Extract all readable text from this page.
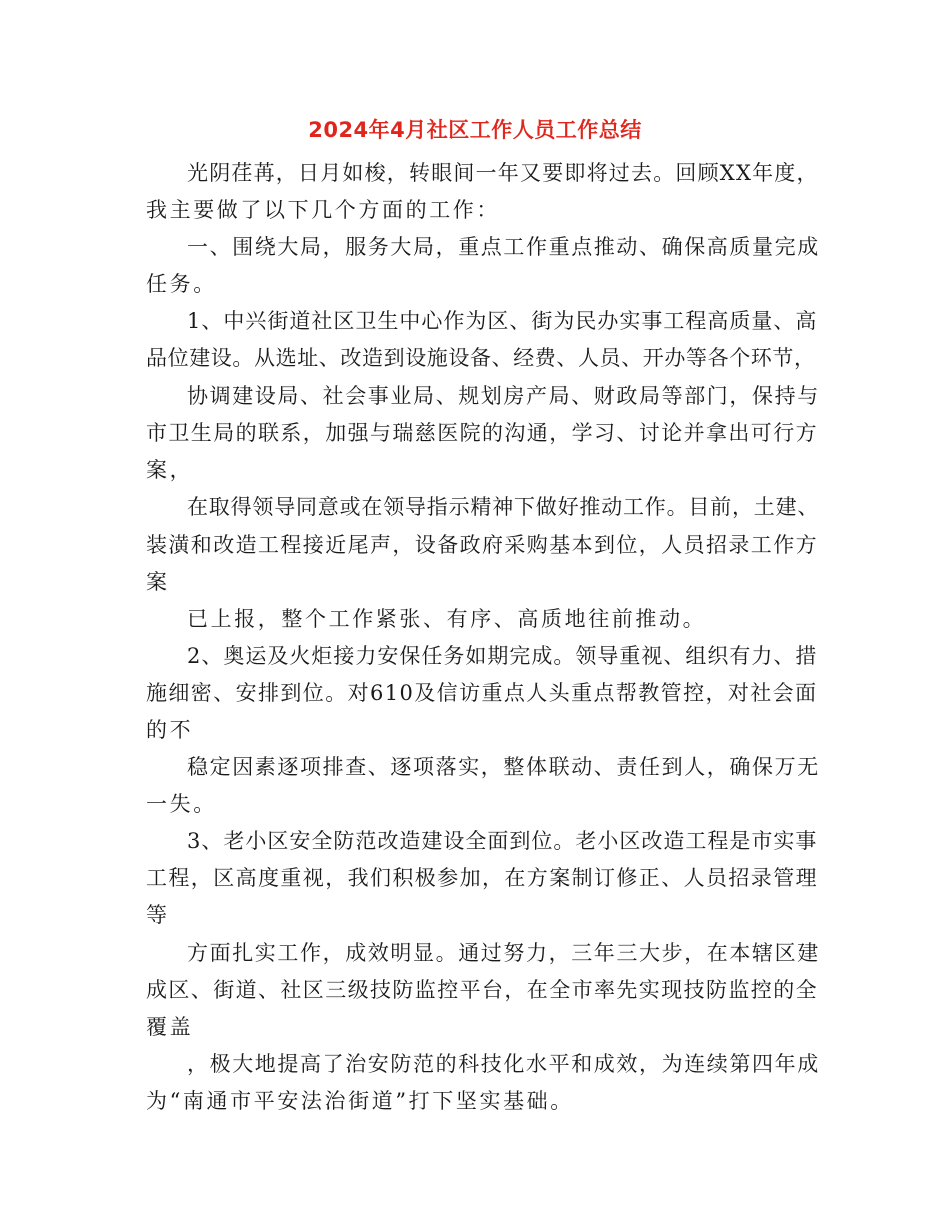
2024年4月社区工作人员工作总结
光阴荏苒，日月如梭，转眼间一年又要即将过去。回顾XX年度，
我主要做了以下几个方面的工作：
一、围绕大局，服务大局，重点工作重点推动、确保高质量完成
任务。
1、中兴街道社区卫生中心作为区、街为民办实事工程高质量、高
品位建设。从选址、改造到设施设备、经费、人员、开办等各个环节，
协调建设局、社会事业局、规划房产局、财政局等部门，保持与
市卫生局的联系，加强与瑞慈医院的沟通，学习、讨论并拿出可行方
案，
在取得领导同意或在领导指示精神下做好推动工作。目前，土建、
装潢和改造工程接近尾声，设备政府采购基本到位，人员招录工作方
案
已上报，整个工作紧张、有序、高质地往前推动。
2、奥运及火炬接力安保任务如期完成。领导重视、组织有力、措
施细密、安排到位。对610及信访重点人头重点帮教管控，对社会面
的不
稳定因素逐项排查、逐项落实，整体联动、责任到人，确保万无
一失。
3、老小区安全防范改造建设全面到位。老小区改造工程是市实事
工程，区高度重视，我们积极参加，在方案制订修正、人员招录管理
等
方面扎实工作，成效明显。通过努力，三年三大步，在本辖区建
成区、街道、社区三级技防监控平台，在全市率先实现技防监控的全
覆盖
，极大地提高了治安防范的科技化水平和成效，为连续第四年成
为“南通市平安法治街道”打下坚实基础。
